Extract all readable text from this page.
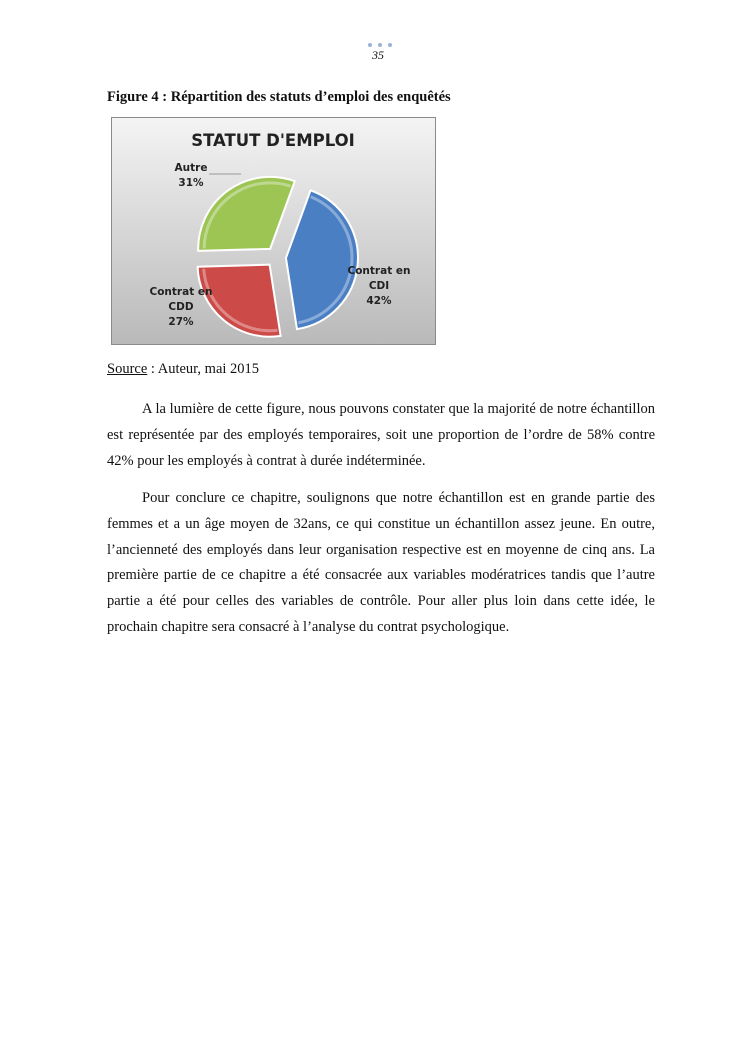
35
Figure 4 : Répartition des statuts d’emploi des enquêtés
STATUT D'EMPLOI
Contrat en CDI 42%
Contrat en CDD 27%
Autre 31%
Source : Auteur, mai 2015

A la lumière de cette figure, nous pouvons constater que la majorité de notre échantillon est représentée par des employés temporaires, soit une proportion de l’ordre de 58% contre 42% pour les employés à contrat à durée indéterminée.

Pour conclure ce chapitre, soulignons que notre échantillon est en grande partie des femmes et a un âge moyen de 32ans, ce qui constitue un échantillon assez jeune. En outre, l’ancienneté des employés dans leur organisation respective est en moyenne de cinq ans. La première partie de ce chapitre a été consacrée aux variables modératrices tandis que l’autre partie a été pour celles des variables de contrôle. Pour aller plus loin dans cette idée, le prochain chapitre sera consacré à l’analyse du contrat psychologique.
